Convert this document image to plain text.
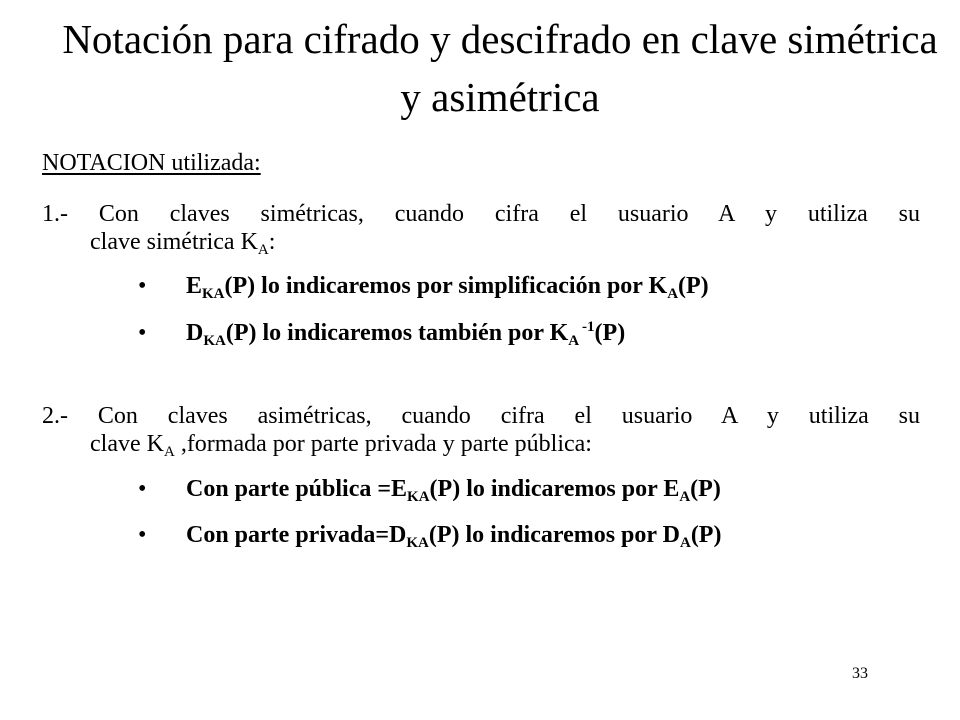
Notación para cifrado y descifrado en clave simétrica y asimétrica
NOTACION utilizada:
1.- Con claves simétricas, cuando cifra el usuario A y utiliza su
clave simétrica $K_A$:
• $E_{KA}(P)$ lo indicaremos por simplificación por $K_A(P)$
• $D_{KA}(P)$ lo indicaremos también por $K_A$ $^{-1}$(P)
2.- Con claves asimétricas, cuando cifra el usuario A y utiliza su
clave $K_A$ ,formada por parte privada y parte pública:
• Con parte pública $=E_{KA}(P)$ lo indicaremos por $E_A(P)$
• Con parte $privada=D_{KA}(P)$ lo indicaremos por $D_A(P)$
33
